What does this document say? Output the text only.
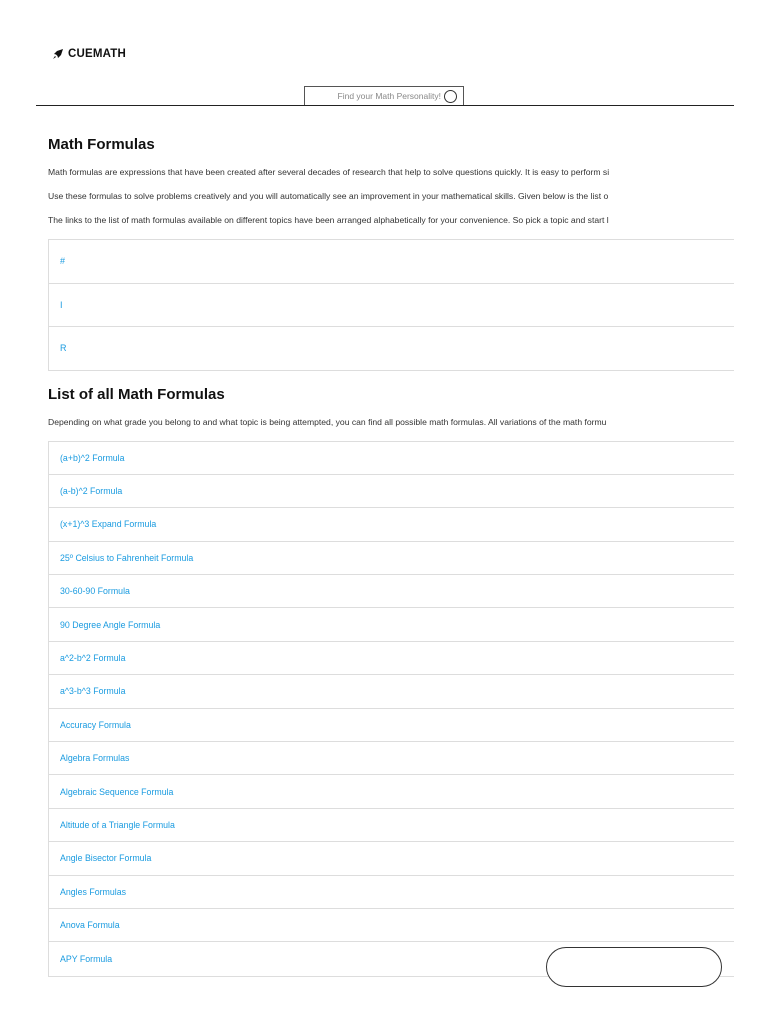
CUEMATH
Find your Math Personality!
Math Formulas

Math formulas are expressions that have been created after several decades of research that help to solve questions quickly. It is easy to perform si

Use these formulas to solve problems creatively and you will automatically see an improvement in your mathematical skills. Given below is the list o

The links to the list of math formulas available on different topics have been arranged alphabetically for your convenience. So pick a topic and start l

#
I
R
List of all Math Formulas

Depending on what grade you belong to and what topic is being attempted, you can find all possible math formulas. All variations of the math formu

(a+b)^2 Formula
(a-b)^2 Formula
(x+1)^3 Expand Formula
25º Celsius to Fahrenheit Formula
30-60-90 Formula
90 Degree Angle Formula
a^2-b^2 Formula
a^3-b^3 Formula
Accuracy Formula
Algebra Formulas
Algebraic Sequence Formula
Altitude of a Triangle Formula
Angle Bisector Formula
Angles Formulas
Anova Formula
APY Formula
